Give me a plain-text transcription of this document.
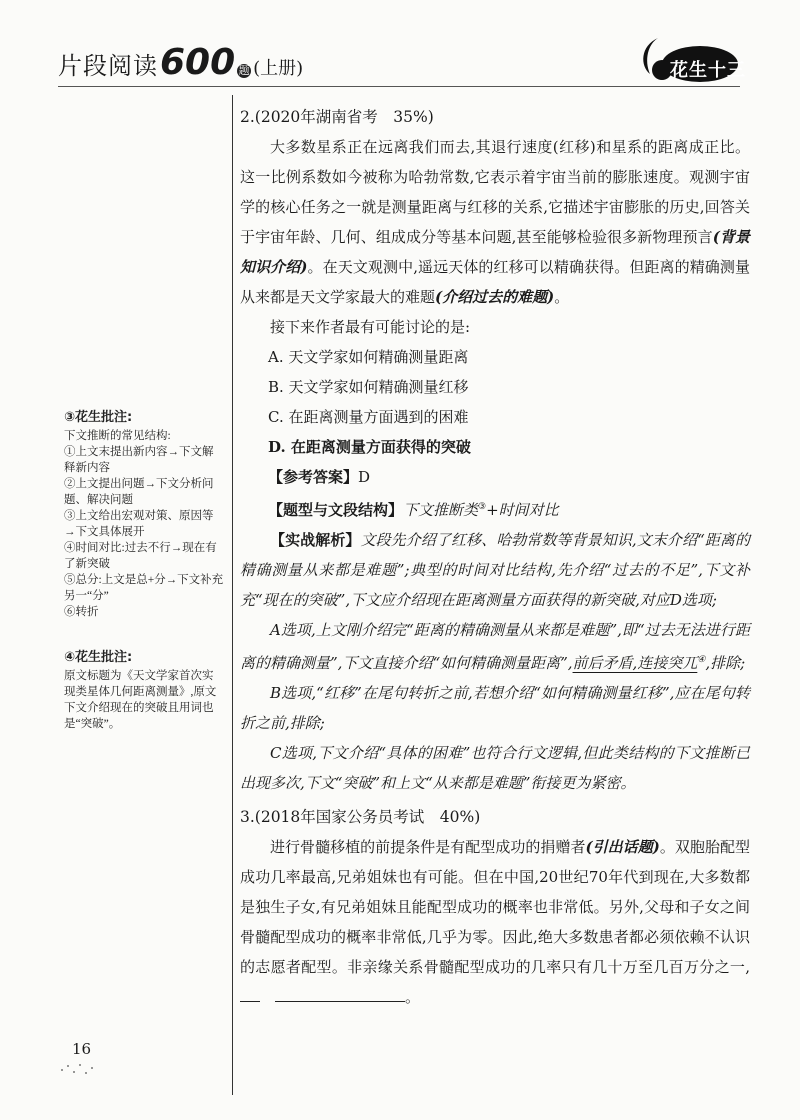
片段阅读 600 题 (上册)	花生十三
③花生批注:

下文推断的常见结构:

①上文末提出新内容→下文解释新内容

②上文提出问题→下文分析问题、解决问题

③上文给出宏观对策、原因等→下文具体展开

④时间对比:过去不行→现在有了新突破

⑤总分:上文是总+分→下文补充另一“分”

⑥转折

④花生批注:

原文标题为《天文学家首次实现类星体几何距离测量》,原文下文介绍现在的突破且用词也是“突破”。

2.(2020年湖南省考　35%)

大多数星系正在远离我们而去,其退行速度(红移)和星系的距离成正比。这一比例系数如今被称为哈勃常数,它表示着宇宙当前的膨胀速度。观测宇宙学的核心任务之一就是测量距离与红移的关系,它描述宇宙膨胀的历史,回答关于宇宙年龄、几何、组成成分等基本问题,甚至能够检验很多新物理预言(背景知识介绍)。在天文观测中,遥远天体的红移可以精确获得。但距离的精确测量从来都是天文学家最大的难题(介绍过去的难题)。

接下来作者最有可能讨论的是:

A. 天文学家如何精确测量距离

B. 天文学家如何精确测量红移

C. 在距离测量方面遇到的困难

D. 在距离测量方面获得的突破

【参考答案】D

【题型与文段结构】下文推断类③+时间对比

【实战解析】文段先介绍了红移、哈勃常数等背景知识,文末介绍“距离的精确测量从来都是难题”;典型的时间对比结构,先介绍“过去的不足”,下文补充“现在的突破”,下文应介绍现在距离测量方面获得的新突破,对应D选项;

A选项,上文刚介绍完“距离的精确测量从来都是难题”,即“过去无法进行距离的精确测量”,下文直接介绍“如何精确测量距离”,前后矛盾,连接突兀④,排除;

B选项,“红移”在尾句转折之前,若想介绍“如何精确测量红移”,应在尾句转折之前,排除;

C选项,下文介绍“具体的困难”也符合行文逻辑,但此类结构的下文推断已出现多次,下文“突破”和上文“从来都是难题”衔接更为紧密。

3.(2018年国家公务员考试　40%)

进行骨髓移植的前提条件是有配型成功的捐赠者(引出话题)。双胞胎配型成功几率最高,兄弟姐妹也有可能。但在中国,20世纪70年代到现在,大多数都是独生子女,有兄弟姐妹且能配型成功的概率也非常低。另外,父母和子女之间骨髓配型成功的概率非常低,几乎为零。因此,绝大多数患者都必须依赖不认识的志愿者配型。非亲缘关系骨髓配型成功的几率只有几十万至几百万分之一, 。

16
